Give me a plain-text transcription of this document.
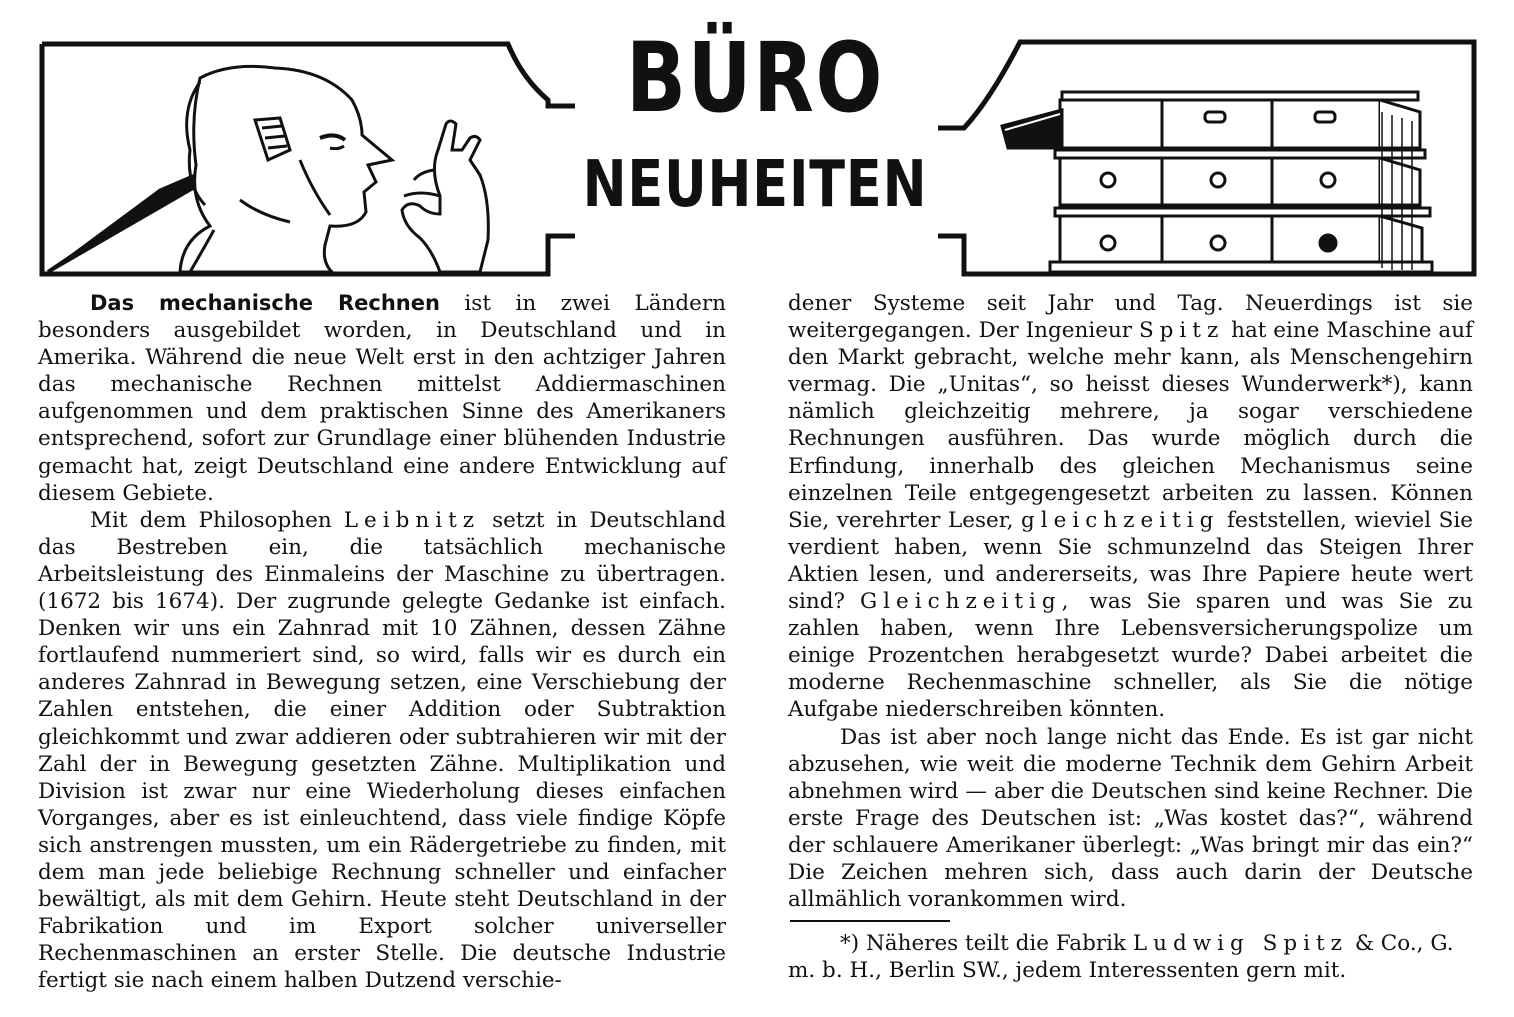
BÜRO
NEUHEITEN

Das mechanische Rechnen ist in zwei Ländern besonders ausgebildet worden, in Deutschland und in Amerika. Während die neue Welt erst in den achtziger Jahren das mechanische Rechnen mittelst Addiermaschinen aufgenommen und dem praktischen Sinne des Amerikaners entsprechend, sofort zur Grundlage einer blühenden Industrie gemacht hat, zeigt Deutschland eine andere Entwicklung auf diesem Gebiete.

Mit dem Philosophen Leibnitz setzt in Deutschland das Bestreben ein, die tatsächlich mechanische Arbeitsleistung des Einmaleins der Maschine zu übertragen. (1672 bis 1674). Der zugrunde gelegte Gedanke ist einfach. Denken wir uns ein Zahnrad mit 10 Zähnen, dessen Zähne fortlaufend nummeriert sind, so wird, falls wir es durch ein anderes Zahnrad in Bewegung setzen, eine Verschiebung der Zahlen entstehen, die einer Addition oder Subtraktion gleichkommt und zwar addieren oder subtrahieren wir mit der Zahl der in Bewegung gesetzten Zähne. Multiplikation und Division ist zwar nur eine Wiederholung dieses einfachen Vorganges, aber es ist einleuchtend, dass viele findige Köpfe sich anstrengen mussten, um ein Rädergetriebe zu finden, mit dem man jede beliebige Rechnung schneller und einfacher bewältigt, als mit dem Gehirn. Heute steht Deutschland in der Fabrikation und im Export solcher universeller Rechenmaschinen an erster Stelle. Die deutsche Industrie fertigt sie nach einem halben Dutzend verschie-

dener Systeme seit Jahr und Tag. Neuerdings ist sie weitergegangen. Der Ingenieur Spitz hat eine Maschine auf den Markt gebracht, welche mehr kann, als Menschengehirn vermag. Die „Unitas“, so heisst dieses Wunderwerk*), kann nämlich gleichzeitig mehrere, ja sogar verschiedene Rechnungen ausführen. Das wurde möglich durch die Erfindung, innerhalb des gleichen Mechanismus seine einzelnen Teile entgegengesetzt arbeiten zu lassen. Können Sie, verehrter Leser, gleichzeitig feststellen, wieviel Sie verdient haben, wenn Sie schmunzelnd das Steigen Ihrer Aktien lesen, und andererseits, was Ihre Papiere heute wert sind? Gleichzeitig, was Sie sparen und was Sie zu zahlen haben, wenn Ihre Lebensversicherungspolize um einige Prozentchen herabgesetzt wurde? Dabei arbeitet die moderne Rechenmaschine schneller, als Sie die nötige Aufgabe niederschreiben könnten.

Das ist aber noch lange nicht das Ende. Es ist gar nicht abzusehen, wie weit die moderne Technik dem Gehirn Arbeit abnehmen wird — aber die Deutschen sind keine Rechner. Die erste Frage des Deutschen ist: „Was kostet das?“, während der schlauere Amerikaner überlegt: „Was bringt mir das ein?“ Die Zeichen mehren sich, dass auch darin der Deutsche allmählich vorankommen wird.

*) Näheres teilt die Fabrik Ludwig Spitz & Co., G. m. b. H., Berlin SW., jedem Interessenten gern mit.
